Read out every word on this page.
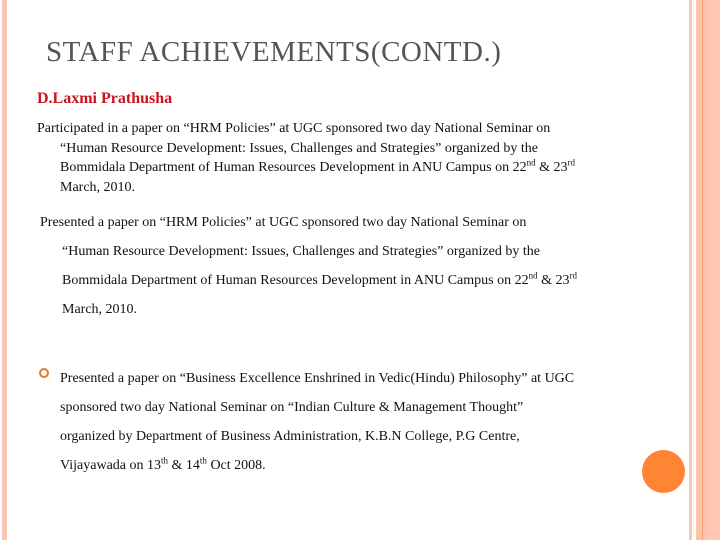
STAFF ACHIEVEMENTS(CONTD.)
D.Laxmi Prathusha
Participated in a paper on “HRM Policies” at UGC sponsored two day National Seminar on
“Human Resource Development: Issues, Challenges and Strategies” organized by the
Bommidala Department of Human Resources Development in ANU Campus on 22nd & 23rd
March, 2010.
Presented a paper on “HRM Policies” at UGC sponsored two day National Seminar on
“Human Resource Development: Issues, Challenges and Strategies” organized by the
Bommidala Department of Human Resources Development in ANU Campus on 22nd & 23rd
March, 2010.
Presented a paper on “Business Excellence Enshrined in Vedic(Hindu) Philosophy” at UGC
sponsored two day National Seminar on “Indian Culture & Management Thought”
organized by Department of Business Administration, K.B.N College, P.G Centre,
Vijayawada on 13th & 14th Oct 2008.
